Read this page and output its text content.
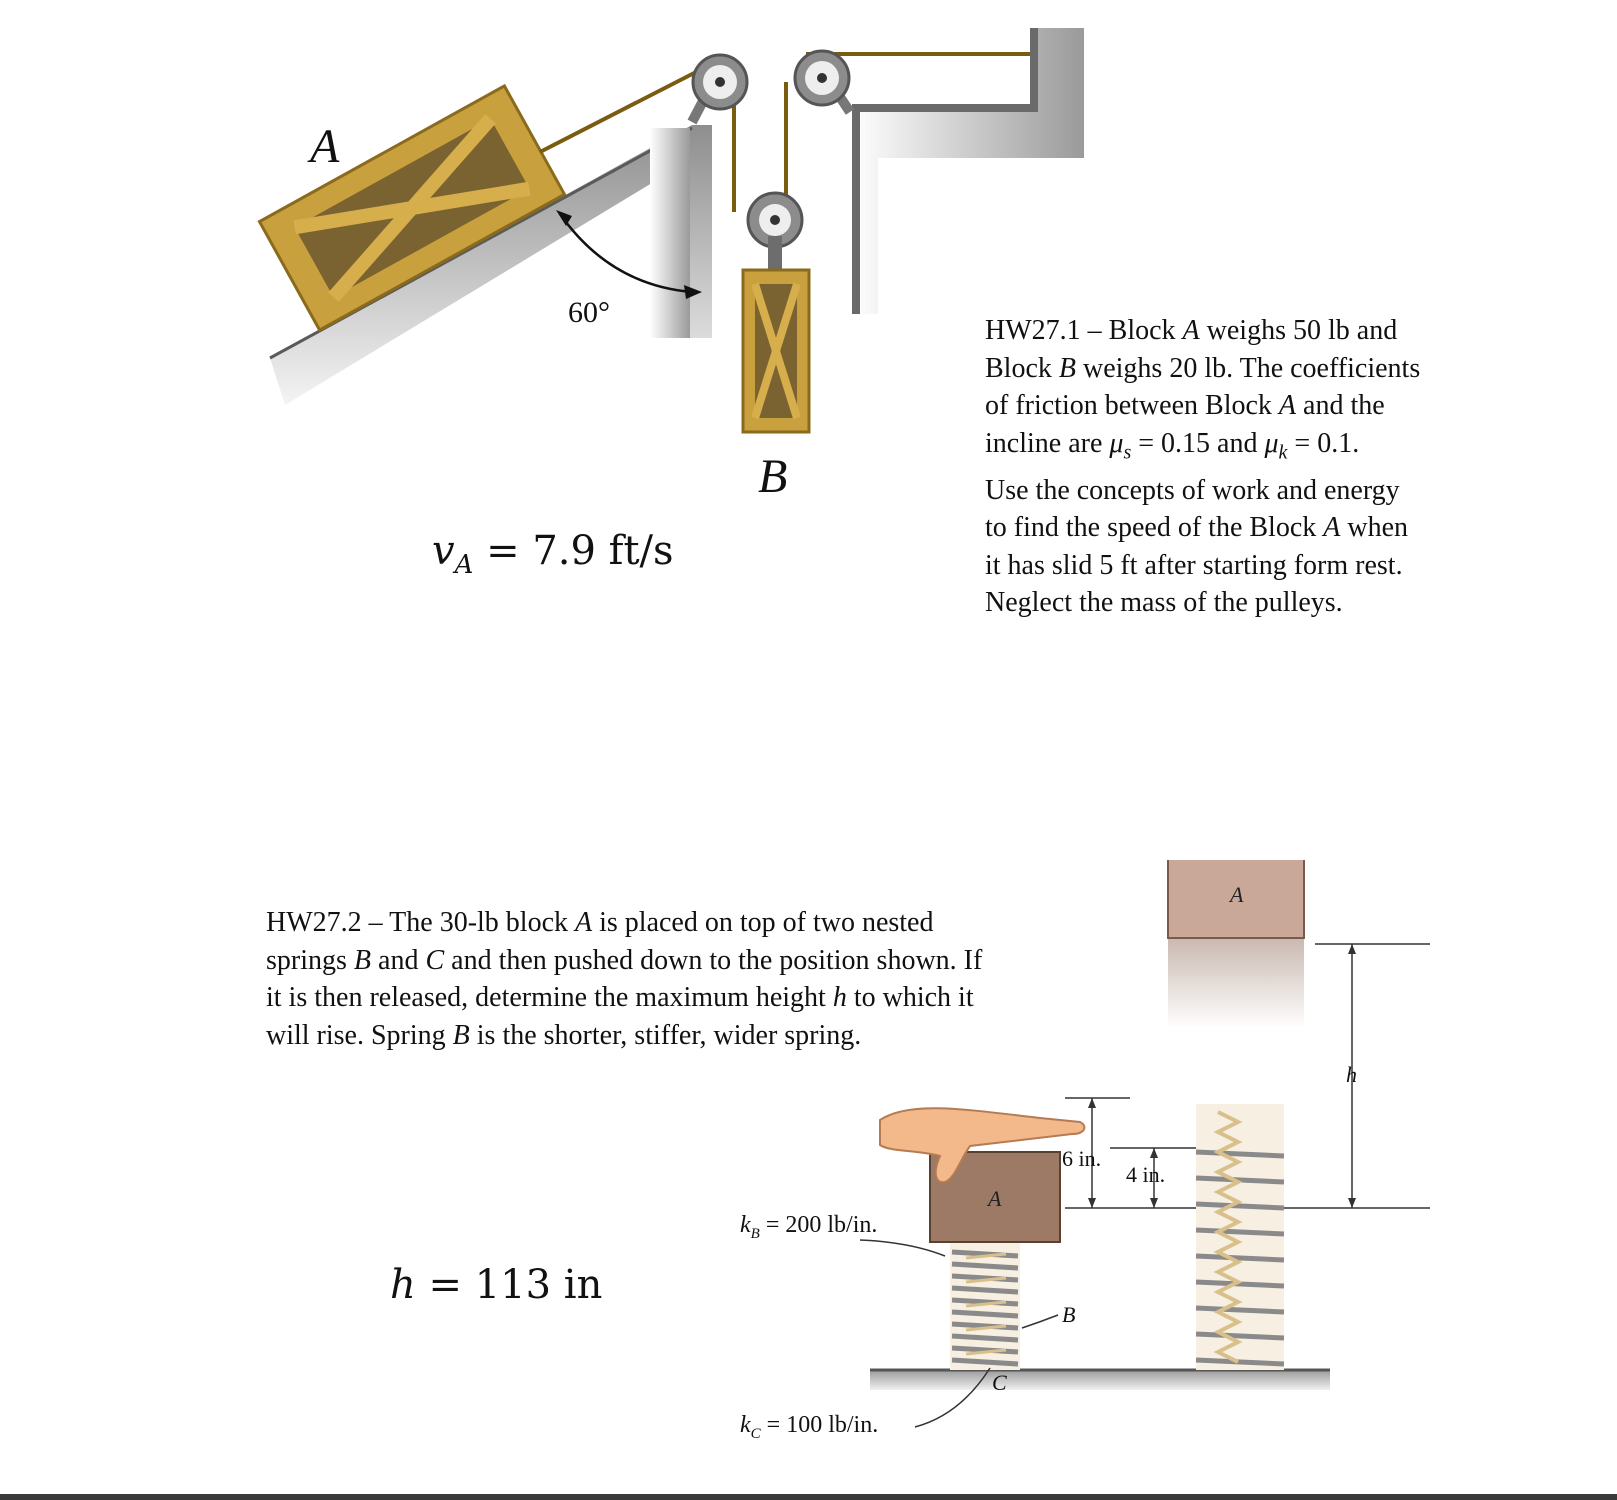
A
B
60°
$v_A = 7.9$ ft/s
HW27.1 – Block A weighs 50 lb and
Block B weighs 20 lb. The coefficients
of friction between Block A and the
incline are $\mu_s = 0.15$ and $\mu_k = 0.1$.
Use the concepts of work and energy
to find the speed of the Block A when
it has slid 5 ft after starting form rest.
Neglect the mass of the pulleys.
HW27.2 – The 30-lb block A is placed on top of two nested
springs B and C and then pushed down to the position shown. If
it is then released, determine the maximum height h to which it
will rise. Spring B is the shorter, stiffer, wider spring.
h = 113 in
A
$k_B = 200$ lb/in.
$k_C = 100$ lb/in.
C
B
6 in.
4 in.
h
A
